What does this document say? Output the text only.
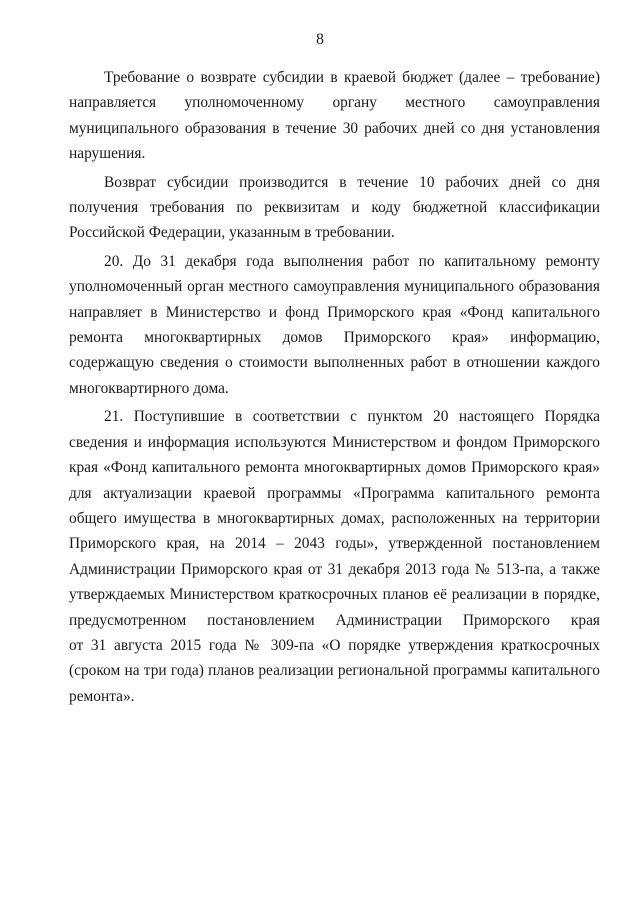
8

Требование о возврате субсидии в краевой бюджет (далее – требование)
направляется уполномоченному органу местного самоуправления
муниципального образования в течение 30 рабочих дней со дня установления
нарушения.

Возврат субсидии производится в течение 10 рабочих дней со дня
получения требования по реквизитам и коду бюджетной классификации
Российской Федерации, указанным в требовании.

20. До 31 декабря года выполнения работ по капитальному ремонту
уполномоченный орган местного самоуправления муниципального образования
направляет в Министерство и фонд Приморского края «Фонд капитального
ремонта многоквартирных домов Приморского края» информацию,
содержащую сведения о стоимости выполненных работ в отношении каждого
многоквартирного дома.

21. Поступившие в соответствии с пунктом 20 настоящего Порядка
сведения и информация используются Министерством и фондом Приморского
края «Фонд капитального ремонта многоквартирных домов Приморского края»
для актуализации краевой программы «Программа капитального ремонта
общего имущества в многоквартирных домах, расположенных на территории
Приморского края, на 2014 – 2043 годы», утвержденной постановлением
Администрации Приморского края от 31 декабря 2013 года № 513-па, а также
утверждаемых Министерством краткосрочных планов её реализации в порядке,
предусмотренном постановлением Администрации Приморского края
от 31 августа 2015 года № 309-па «О порядке утверждения краткосрочных
(сроком на три года) планов реализации региональной программы капитального
ремонта».
